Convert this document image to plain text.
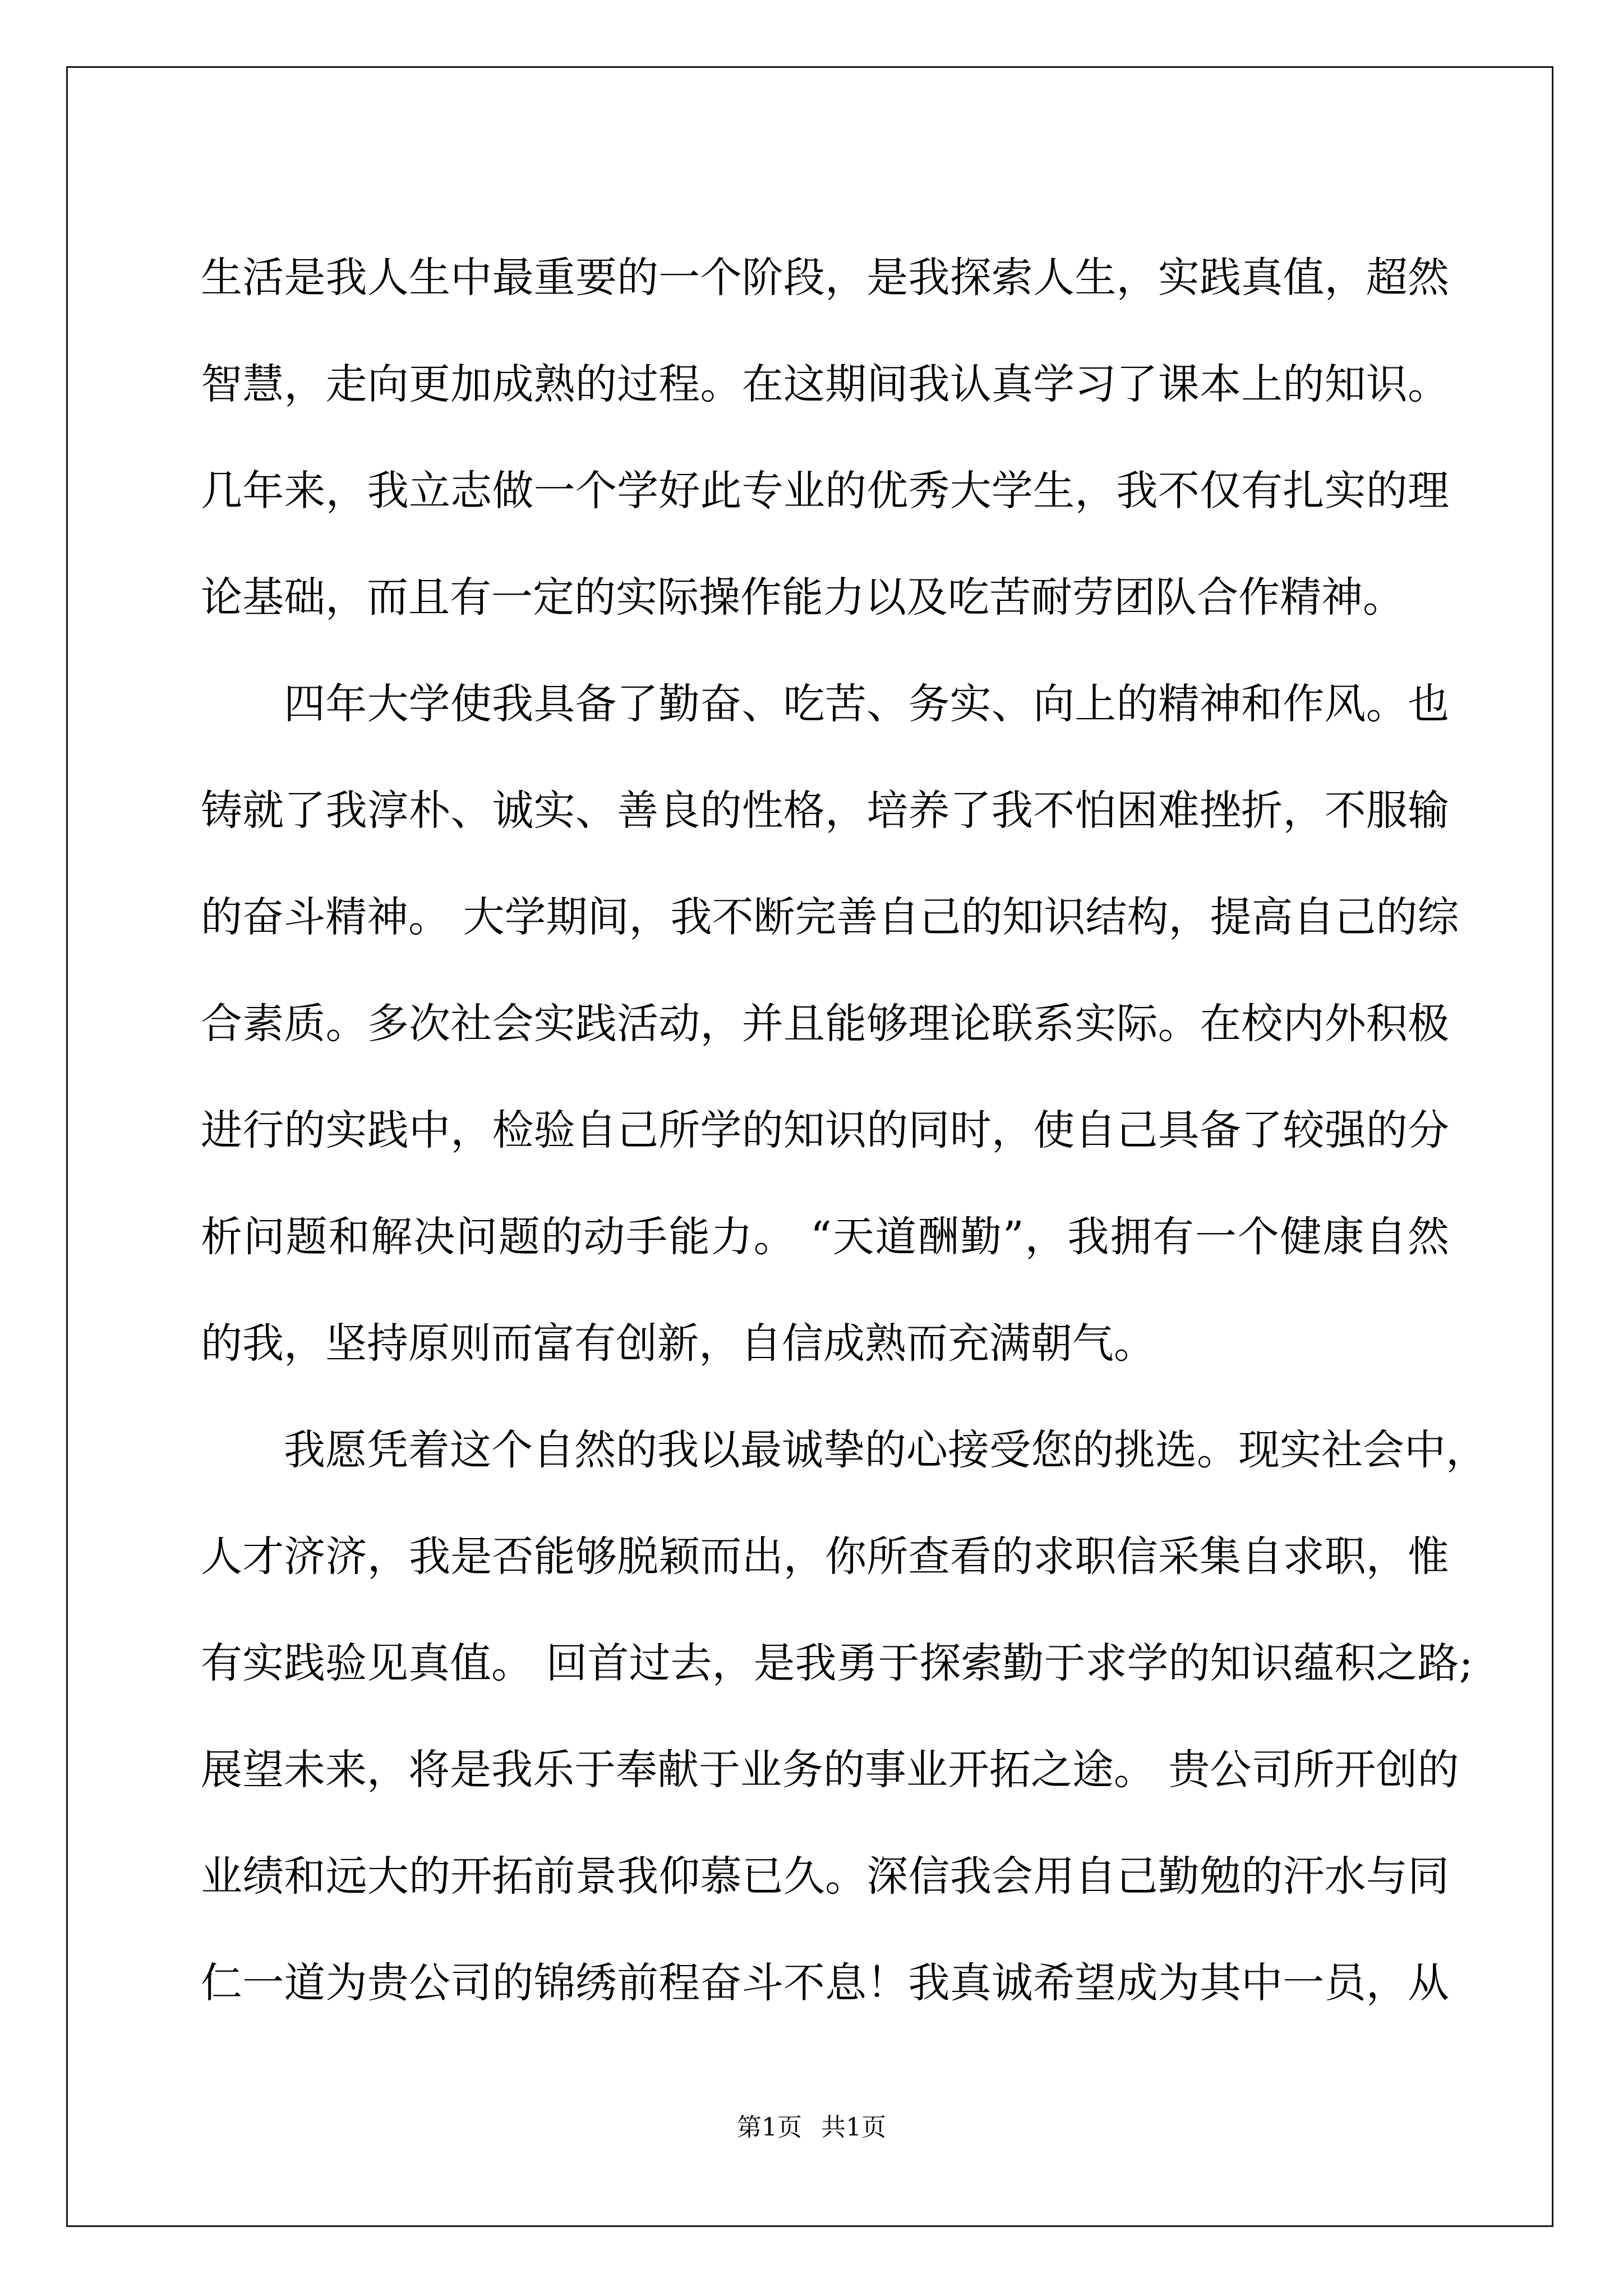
生活是我人生中最重要的一个阶段，是我探索人生，实践真值，超然
智慧，走向更加成熟的过程。在这期间我认真学习了课本上的知识。
几年来，我立志做一个学好此专业的优秀大学生，我不仅有扎实的理
论基础，而且有一定的实际操作能力以及吃苦耐劳团队合作精神。

四年大学使我具备了勤奋、吃苦、务实、向上的精神和作风。也
铸就了我淳朴、诚实、善良的性格，培养了我不怕困难挫折，不服输
的奋斗精神。 大学期间，我不断完善自己的知识结构，提高自己的综
合素质。多次社会实践活动，并且能够理论联系实际。在校内外积极
进行的实践中，检验自己所学的知识的同时，使自己具备了较强的分
析问题和解决问题的动手能力。 “天道酬勤”，我拥有一个健康自然
的我，坚持原则而富有创新，自信成熟而充满朝气。

我愿凭着这个自然的我以最诚挚的心接受您的挑选。现实社会中，
人才济济，我是否能够脱颖而出，你所查看的求职信采集自求职，惟
有实践验见真值。 回首过去，是我勇于探索勤于求学的知识蕴积之路;
展望未来，将是我乐于奉献于业务的事业开拓之途。 贵公司所开创的
业绩和远大的开拓前景我仰慕已久。深信我会用自己勤勉的汗水与同
仁一道为贵公司的锦绣前程奋斗不息！我真诚希望成为其中一员，从

第1页 共1页
